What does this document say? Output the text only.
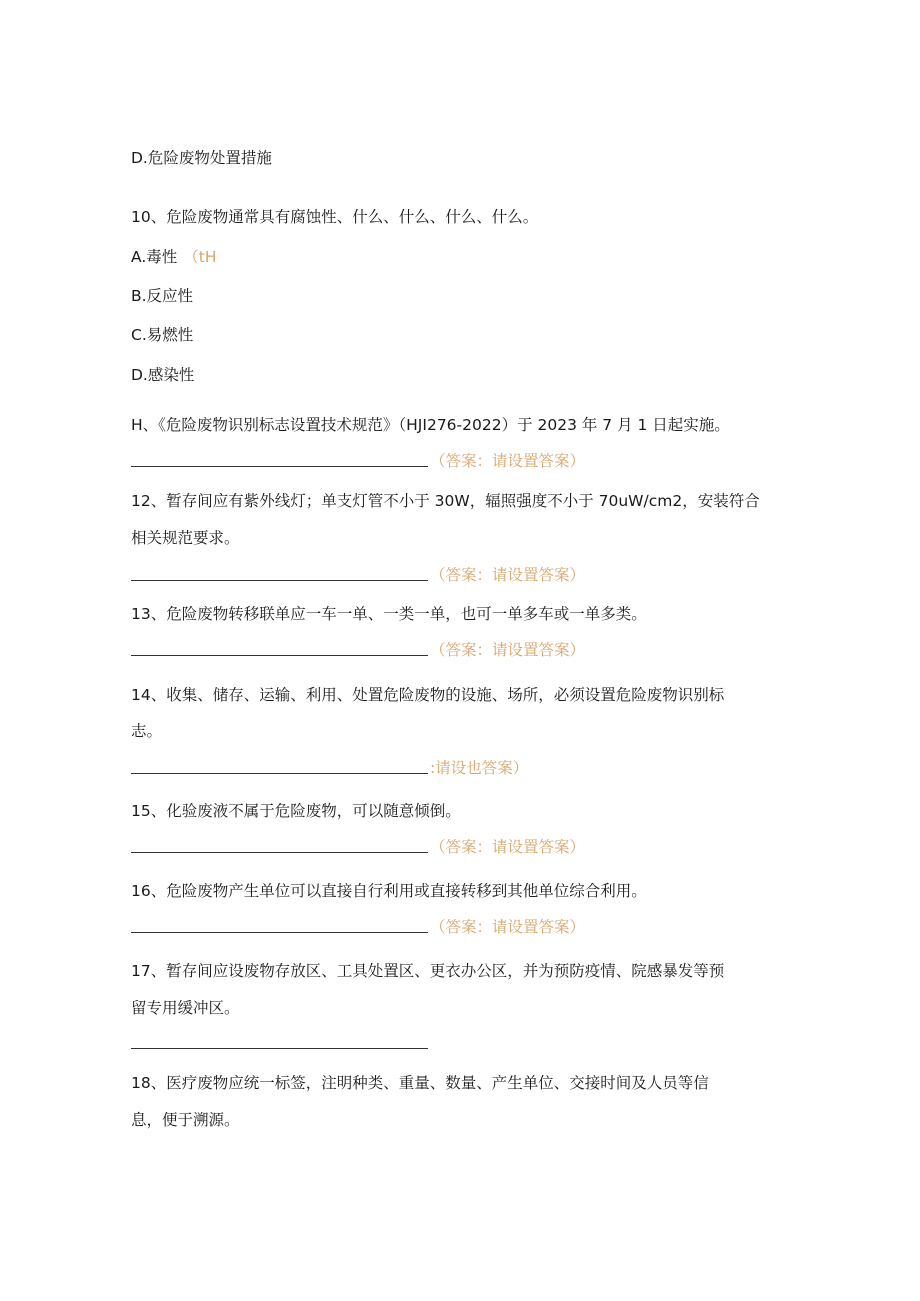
D.危险废物处置措施
10、危险废物通常具有腐蚀性、什么、什么、什么、什么。
A.毒性 （tH
B.反应性
C.易燃性
D.感染性
H、《危险废物识别标志设置技术规范》（HJI276-2022）于 2023 年 7 月 1 日起实施。
（答案：请设置答案）
12、暂存间应有紫外线灯；单支灯管不小于 30W，辐照强度不小于 70uW∕cm2，安装符合
相关规范要求。
（答案：请设置答案）
13、危险废物转移联单应一车一单、一类一单，也可一单多车或一单多类。
（答案：请设置答案）
14、收集、储存、运输、利用、处置危险废物的设施、场所，必须设置危险废物识别标
志。
:请设也答案）
15、化验废液不属于危险废物，可以随意倾倒。
（答案：请设置答案）
16、危险废物产生单位可以直接自行利用或直接转移到其他单位综合利用。
（答案：请设置答案）
17、暂存间应设废物存放区、工具处置区、更衣办公区，并为预防疫情、院感暴发等预
留专用缓冲区。
18、医疗废物应统一标签，注明种类、重量、数量、产生单位、交接时间及人员等信
息，便于溯源。
